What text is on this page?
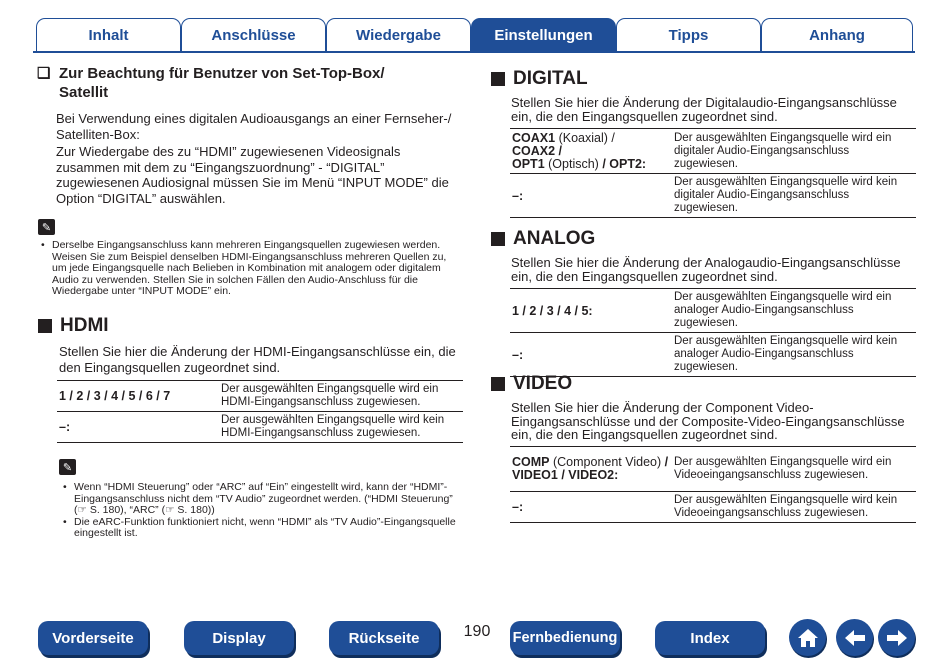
Inhalt	Anschlüsse	Wiedergabe	Einstellungen	Tipps	Anhang
❑ Zur Beachtung für Benutzer von Set-Top-Box/ Satellit
Bei Verwendung eines digitalen Audioausgangs an einer Fernseher-/ Satelliten-Box:
Zur Wiedergabe des zu “HDMI” zugewiesenen Videosignals zusammen mit dem zu “Eingangszuordnung” - “DIGITAL” zugewiesenen Audiosignal müssen Sie im Menü “INPUT MODE” die Option “DIGITAL” auswählen.
✎
• Derselbe Eingangsanschluss kann mehreren Eingangsquellen zugewiesen werden. Weisen Sie zum Beispiel denselben HDMI-Eingangsanschluss mehreren Quellen zu, um jede Eingangsquelle nach Belieben in Kombination mit analogem oder digitalem Audio zu verwenden. Stellen Sie in solchen Fällen den Audio-Anschluss für die Wiedergabe unter “INPUT MODE” ein.
HDMI
Stellen Sie hier die Änderung der HDMI-Eingangsanschlüsse ein, die den Eingangsquellen zugeordnet sind.
1 / 2 / 3 / 4 / 5 / 6 / 7	Der ausgewählten Eingangsquelle wird ein HDMI-Eingangsanschluss zugewiesen.
–:	Der ausgewählten Eingangsquelle wird kein HDMI-Eingangsanschluss zugewiesen.
✎
• Wenn “HDMI Steuerung” oder “ARC” auf “Ein” eingestellt wird, kann der “HDMI”-Eingangsanschluss nicht dem “TV Audio” zugeordnet werden. (“HDMI Steuerung” (☞ S. 180), “ARC” (☞ S. 180))
• Die eARC-Funktion funktioniert nicht, wenn “HDMI” als “TV Audio”-Eingangsquelle eingestellt ist.
DIGITAL
Stellen Sie hier die Änderung der Digitalaudio-Eingangsanschlüsse ein, die den Eingangsquellen zugeordnet sind.
COAX1 (Koaxial) /
COAX2 /
OPT1 (Optisch) / OPT2:	Der ausgewählten Eingangsquelle wird ein digitaler Audio-Eingangsanschluss zugewiesen.
–:	Der ausgewählten Eingangsquelle wird kein digitaler Audio-Eingangsanschluss zugewiesen.
ANALOG
Stellen Sie hier die Änderung der Analogaudio-Eingangsanschlüsse ein, die den Eingangsquellen zugeordnet sind.
1 / 2 / 3 / 4 / 5:	Der ausgewählten Eingangsquelle wird ein analoger Audio-Eingangsanschluss zugewiesen.
–:	Der ausgewählten Eingangsquelle wird kein analoger Audio-Eingangsanschluss zugewiesen.
VIDEO
Stellen Sie hier die Änderung der Component Video-Eingangsanschlüsse und der Composite-Video-Eingangsanschlüsse ein, die den Eingangsquellen zugeordnet sind.
COMP (Component Video) /
VIDEO1 / VIDEO2:	Der ausgewählten Eingangsquelle wird ein Videoeingangsanschluss zugewiesen.
–:	Der ausgewählten Eingangsquelle wird kein Videoeingangsanschluss zugewiesen.
Vorderseite	Display	Rückseite	190	Fernbedienung	Index
